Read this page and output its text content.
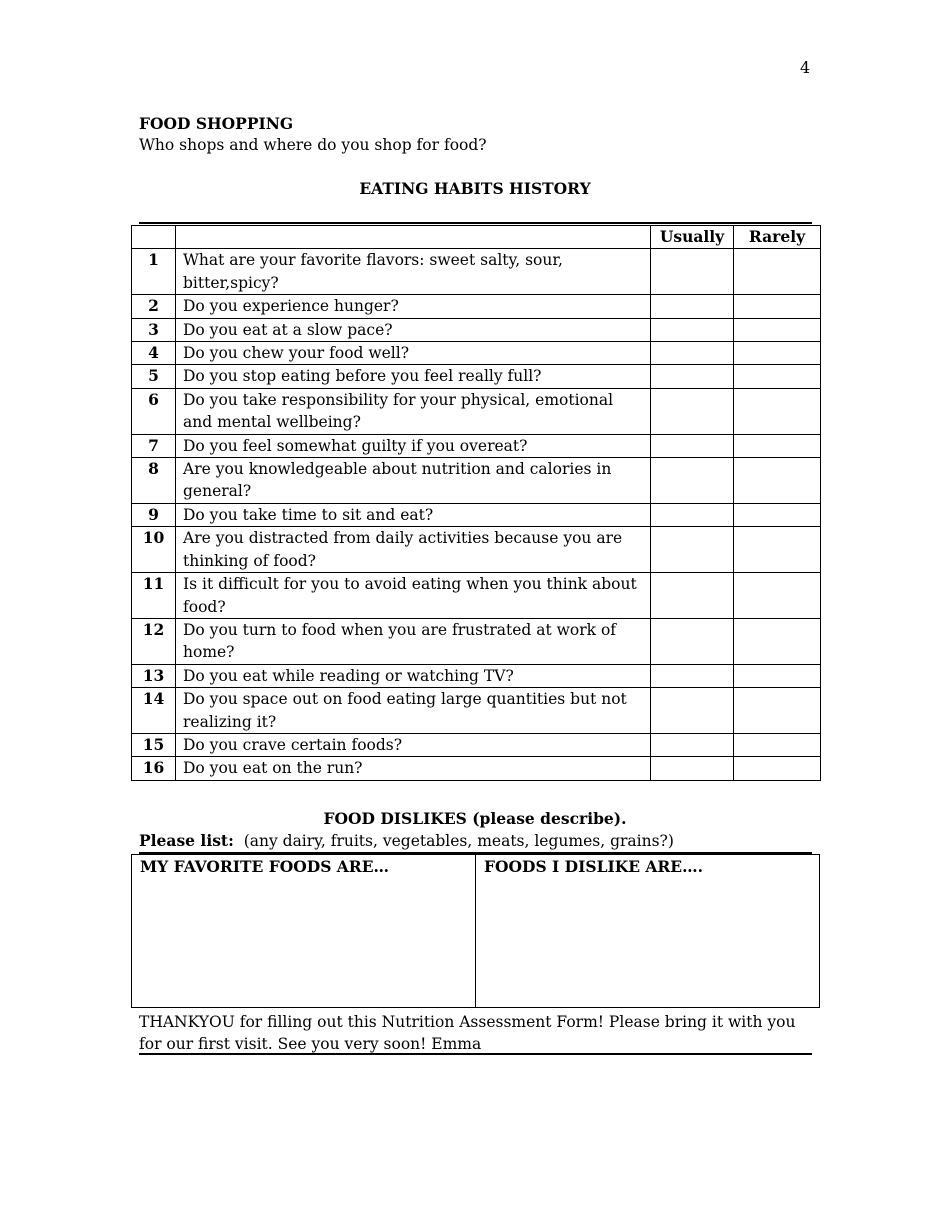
4
FOOD SHOPPING
Who shops and where do you shop for food?
EATING HABITS HISTORY
		Usually	Rarely
1	What are your favorite flavors: sweet salty, sour, bitter,spicy?		
2	Do you experience hunger?		
3	Do you eat at a slow pace?		
4	Do you chew your food well?		
5	Do you stop eating before you feel really full?		
6	Do you take responsibility for your physical, emotional and mental wellbeing?		
7	Do you feel somewhat guilty if you overeat?		
8	Are you knowledgeable about nutrition and calories in general?		
9	Do you take time to sit and eat?		
10	Are you distracted from daily activities because you are thinking of food?		
11	Is it difficult for you to avoid eating when you think about food?		
12	Do you turn to food when you are frustrated at work of home?		
13	Do you eat while reading or watching TV?		
14	Do you space out on food eating large quantities but not realizing it?		
15	Do you crave certain foods?		
16	Do you eat on the run?		
FOOD DISLIKES (please describe).
Please list: (any dairy, fruits, vegetables, meats, legumes, grains?)
MY FAVORITE FOODS ARE…	FOODS I DISLIKE ARE….
THANKYOU for filling out this Nutrition Assessment Form! Please bring it with you for our first visit. See you very soon! Emma
